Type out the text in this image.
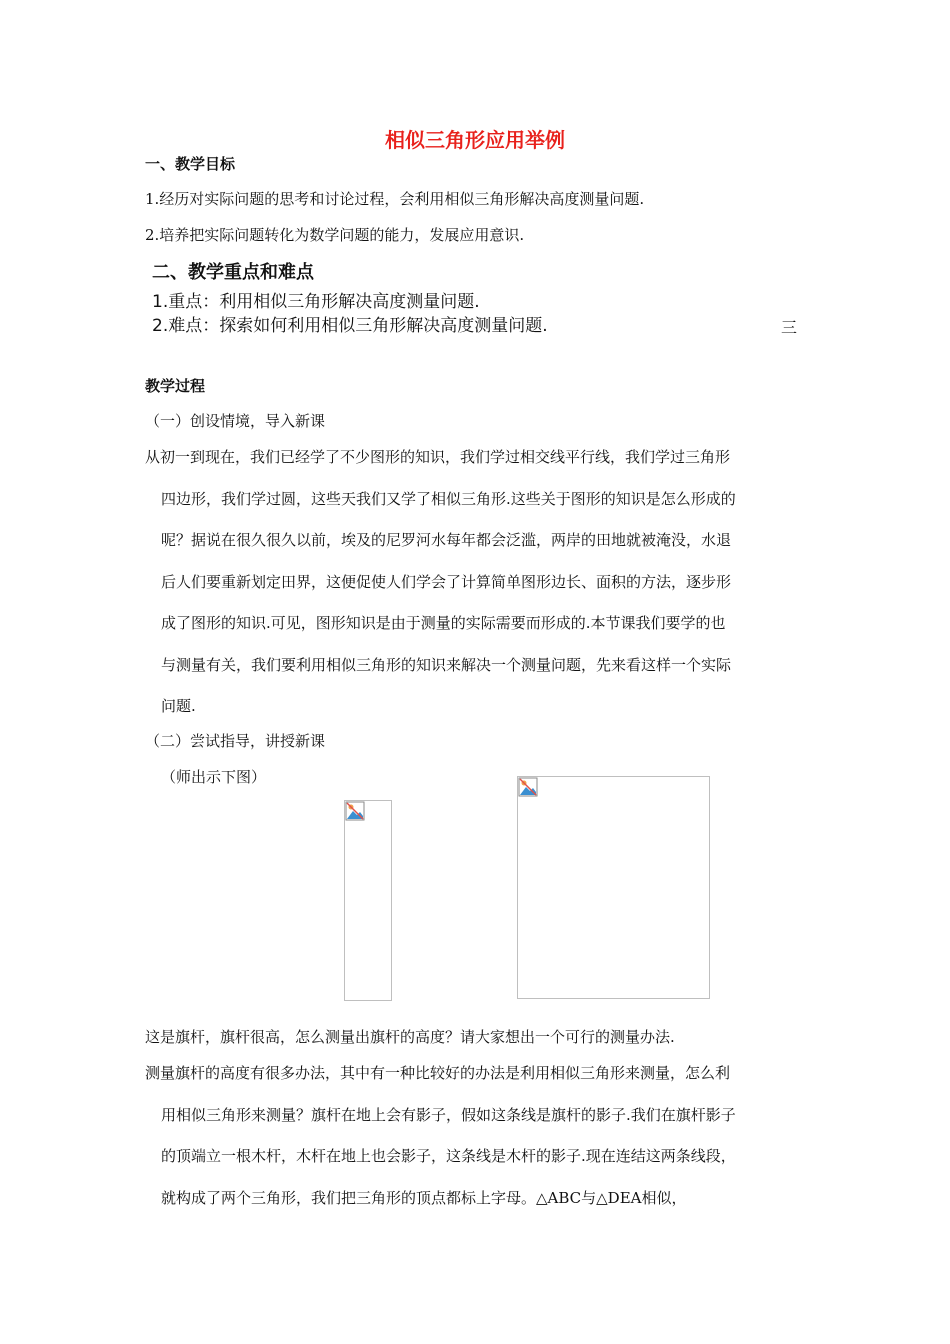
相似三角形应用举例
一、教学目标
1.经历对实际问题的思考和讨论过程，会利用相似三角形解决高度测量问题.
2.培养把实际问题转化为数学问题的能力，发展应用意识.
二、教学重点和难点
1.重点：利用相似三角形解决高度测量问题.
2.难点：探索如何利用相似三角形解决高度测量问题.	三
教学过程
（一）创设情境，导入新课
从初一到现在，我们已经学了不少图形的知识，我们学过相交线平行线，我们学过三角形
四边形，我们学过圆，这些天我们又学了相似三角形.这些关于图形的知识是怎么形成的
呢？据说在很久很久以前，埃及的尼罗河水每年都会泛滥，两岸的田地就被淹没，水退
后人们要重新划定田界，这便促使人们学会了计算简单图形边长、面积的方法，逐步形
成了图形的知识.可见，图形知识是由于测量的实际需要而形成的.本节课我们要学的也
与测量有关，我们要利用相似三角形的知识来解决一个测量问题，先来看这样一个实际
问题.
（二）尝试指导，讲授新课
（师出示下图）
这是旗杆，旗杆很高，怎么测量出旗杆的高度？请大家想出一个可行的测量办法.
测量旗杆的高度有很多办法，其中有一种比较好的办法是利用相似三角形来测量，怎么利
用相似三角形来测量？旗杆在地上会有影子，假如这条线是旗杆的影子.我们在旗杆影子
的顶端立一根木杆，木杆在地上也会影子，这条线是木杆的影子.现在连结这两条线段，
就构成了两个三角形，我们把三角形的顶点都标上字母。△ABC与△DEA相似，
